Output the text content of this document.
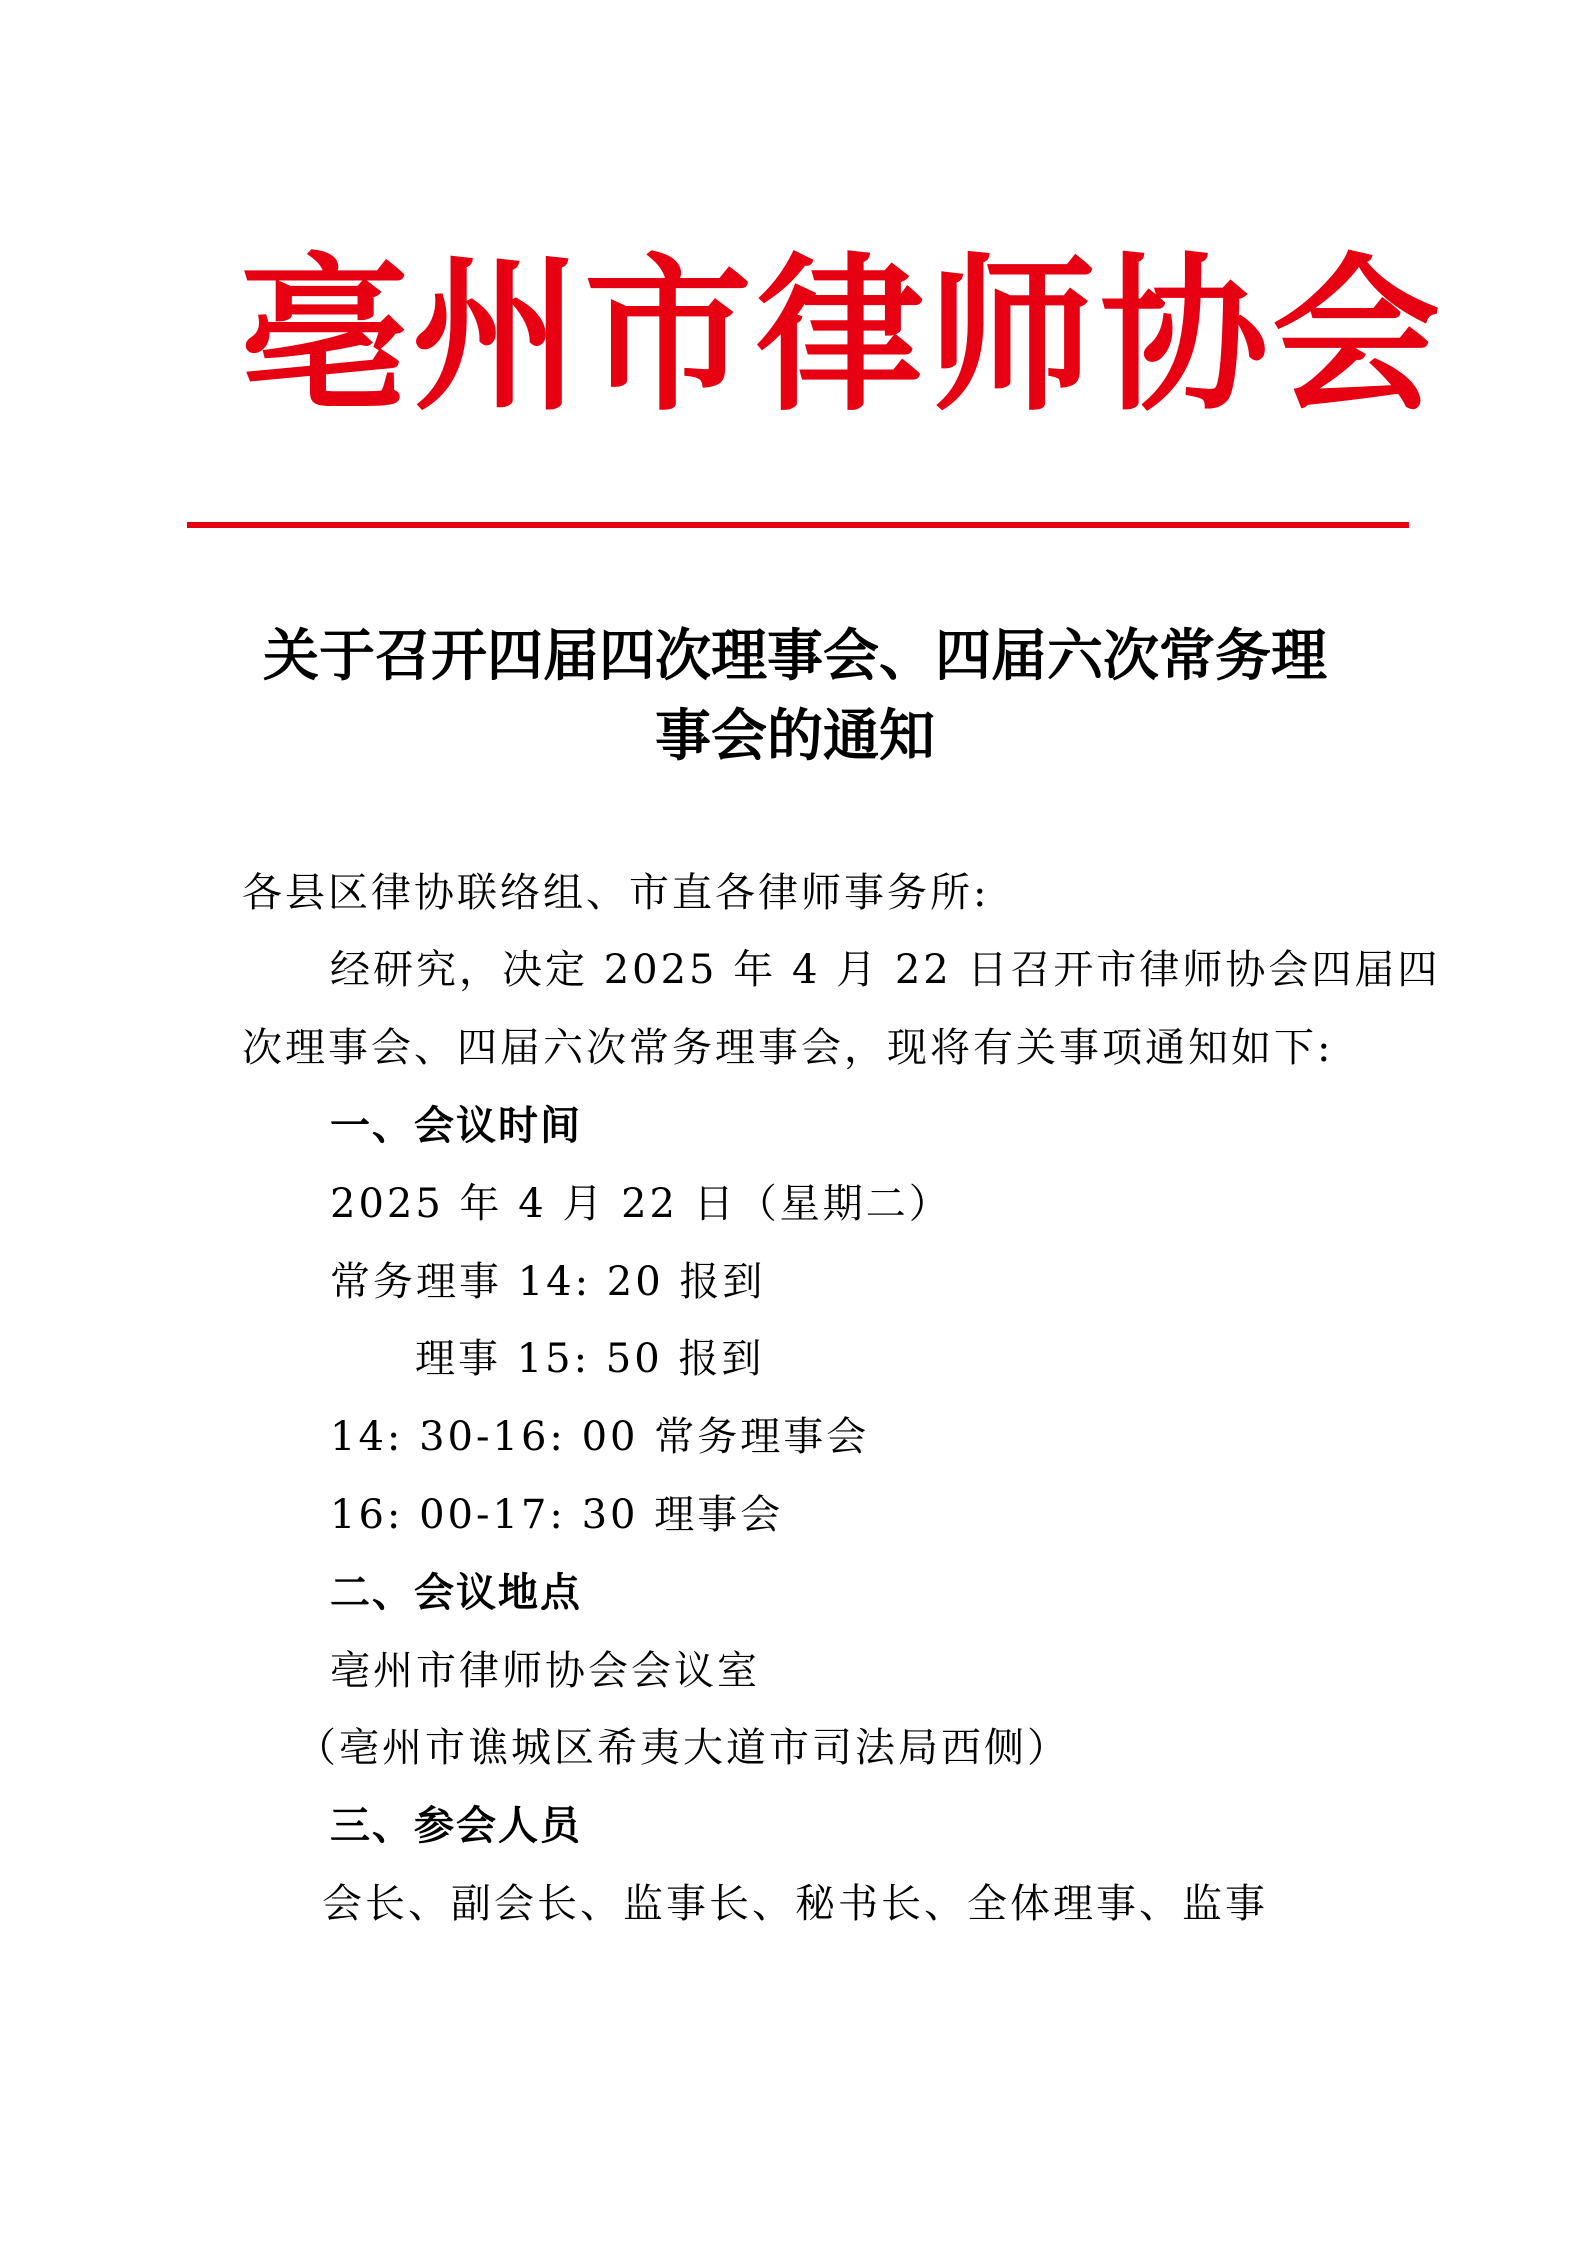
亳州市律师协会
关于召开四届四次理事会、四届六次常务理
事会的通知
各县区律协联络组、市直各律师事务所:
经研究，决定 2025 年 4 月 22 日召开市律师协会四届四
次理事会、四届六次常务理事会，现将有关事项通知如下:
一、会议时间
2025 年 4 月 22 日（星期二）
常务理事 14: 20 报到
理事 15: 50 报到
14: 30-16: 00 常务理事会
16: 00-17: 30 理事会
二、会议地点
亳州市律师协会会议室
（亳州市谯城区希夷大道市司法局西侧）
三、参会人员
会长、副会长、监事长、秘书长、全体理事、监事
